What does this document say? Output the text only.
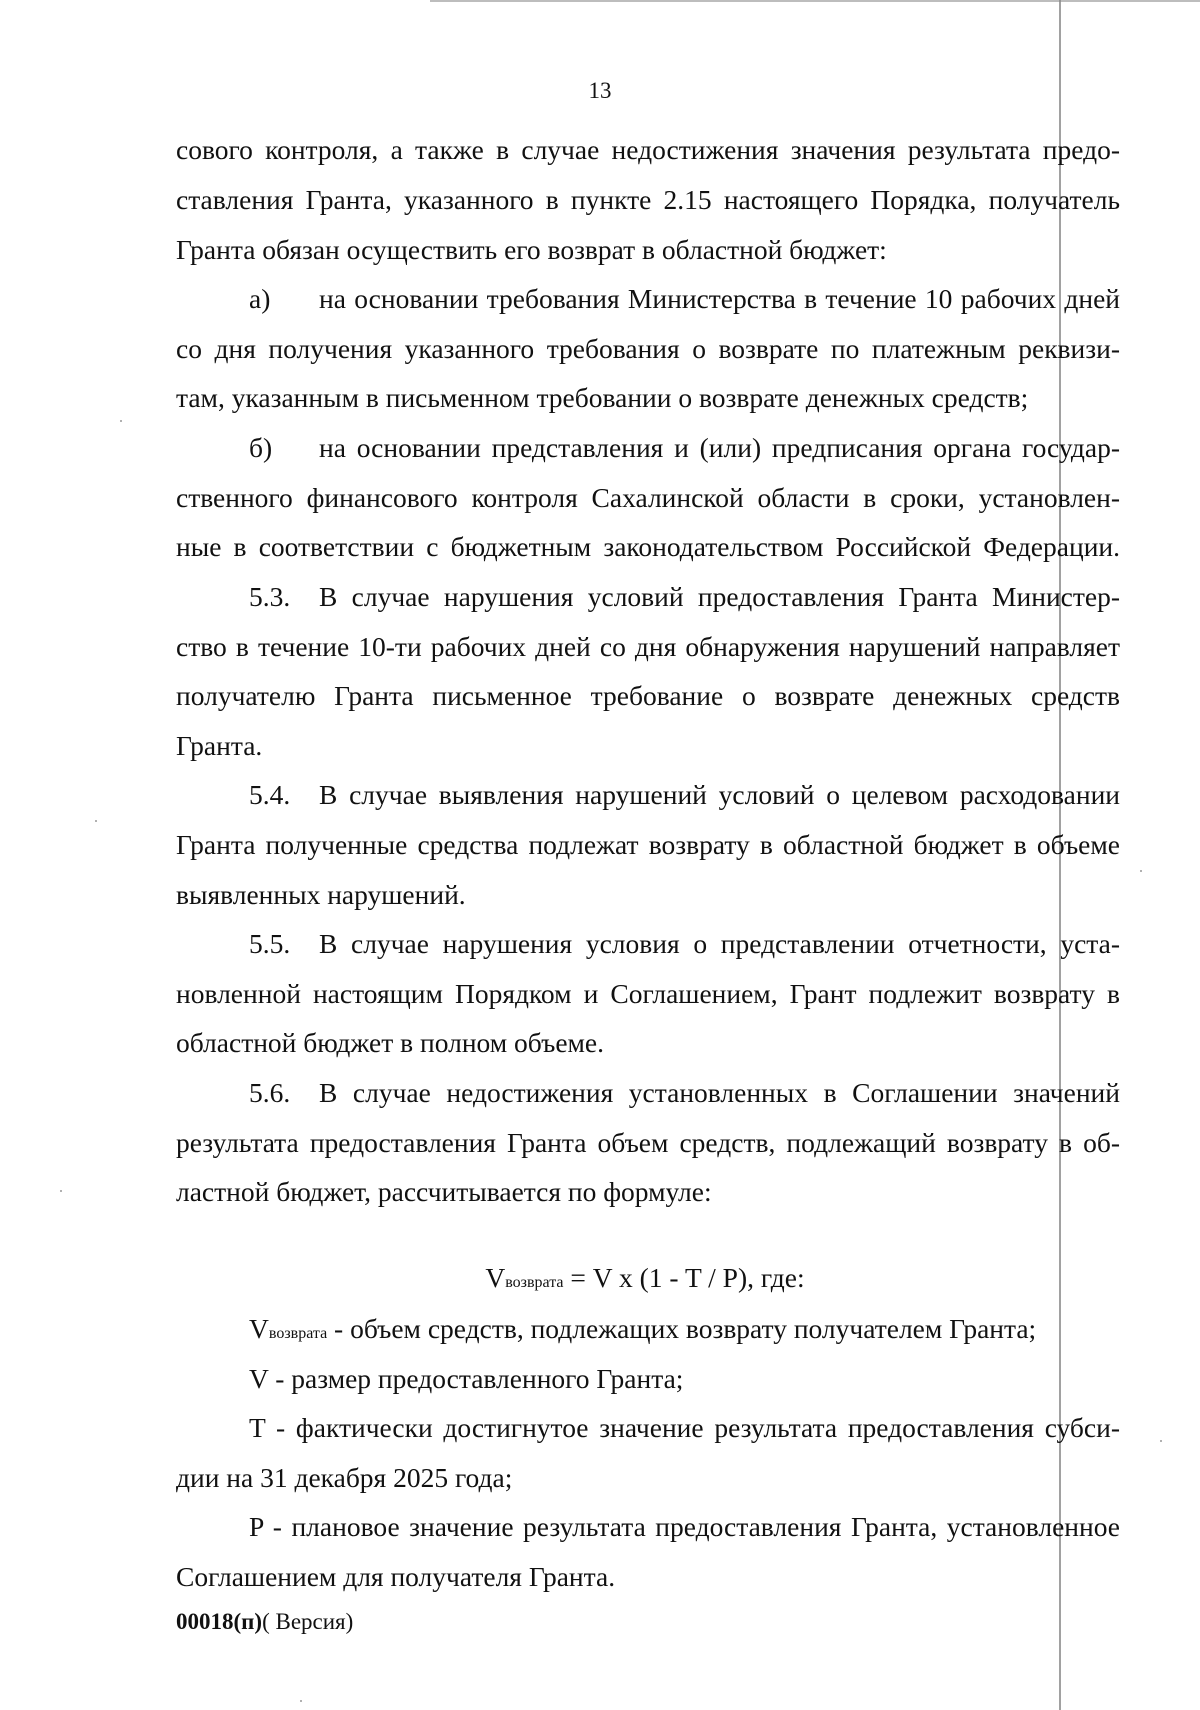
13
сового контроля, а также в случае недостижения значения результата предо-
ставления Гранта, указанного в пункте 2.15 настоящего Порядка, получатель
Гранта обязан осуществить его возврат в областной бюджет:
а) на основании требования Министерства в течение 10 рабочих дней
со дня получения указанного требования о возврате по платежным реквизи-
там, указанным в письменном требовании о возврате денежных средств;
б) на основании представления и (или) предписания органа государ-
ственного финансового контроля Сахалинской области в сроки, установлен-
ные в соответствии с бюджетным законодательством Российской Федерации.
5.3. В случае нарушения условий предоставления Гранта Министер-
ство в течение 10-ти рабочих дней со дня обнаружения нарушений направляет
получателю Гранта письменное требование о возврате денежных средств
Гранта.
5.4. В случае выявления нарушений условий о целевом расходовании
Гранта полученные средства подлежат возврату в областной бюджет в объеме
выявленных нарушений.
5.5. В случае нарушения условия о представлении отчетности, уста-
новленной настоящим Порядком и Соглашением, Грант подлежит возврату в
областной бюджет в полном объеме.
5.6. В случае недостижения установленных в Соглашении значений
результата предоставления Гранта объем средств, подлежащий возврату в об-
ластной бюджет, рассчитывается по формуле:
Vвозврата = V x (1 - T / P), где:
Vвозврата - объем средств, подлежащих возврату получателем Гранта;
V - размер предоставленного Гранта;
T - фактически достигнутое значение результата предоставления субси-
дии на 31 декабря 2025 года;
P - плановое значение результата предоставления Гранта, установленное
Соглашением для получателя Гранта.
00018(п)( Версия)
